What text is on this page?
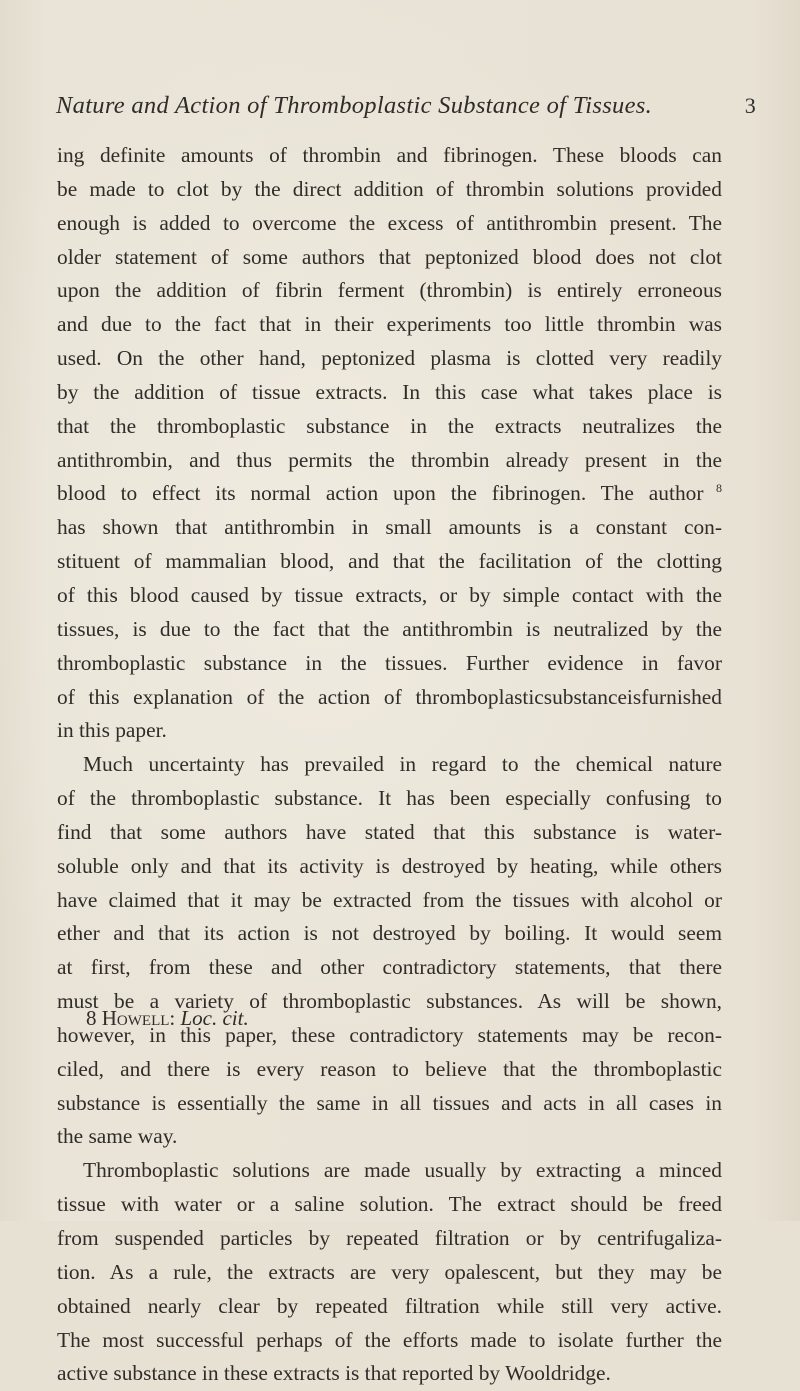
Nature and Action of Thromboplastic Substance of Tissues.	3
ing definite amounts of thrombin and fibrinogen. These bloods can
be made to clot by the direct addition of thrombin solutions provided
enough is added to overcome the excess of antithrombin present. The
older statement of some authors that peptonized blood does not clot
upon the addition of fibrin ferment (thrombin) is entirely erroneous
and due to the fact that in their experiments too little thrombin was
used. On the other hand, peptonized plasma is clotted very readily
by the addition of tissue extracts. In this case what takes place is
that the thromboplastic substance in the extracts neutralizes the
antithrombin, and thus permits the thrombin already present in the
blood to effect its normal action upon the fibrinogen. The author $^8$
has shown that antithrombin in small amounts is a constant con-
stituent of mammalian blood, and that the facilitation of the clotting
of this blood caused by tissue extracts, or by simple contact with the
tissues, is due to the fact that the antithrombin is neutralized by the
thromboplastic substance in the tissues. Further evidence in favor
of this explanation of the action of thromboplasticsubstanceisfurnished
in this paper.
Much uncertainty has prevailed in regard to the chemical nature
of the thromboplastic substance. It has been especially confusing to
find that some authors have stated that this substance is water-
soluble only and that its activity is destroyed by heating, while others
have claimed that it may be extracted from the tissues with alcohol or
ether and that its action is not destroyed by boiling. It would seem
at first, from these and other contradictory statements, that there
must be a variety of thromboplastic substances. As will be shown,
however, in this paper, these contradictory statements may be recon-
ciled, and there is every reason to believe that the thromboplastic
substance is essentially the same in all tissues and acts in all cases in
the same way.
Thromboplastic solutions are made usually by extracting a minced
tissue with water or a saline solution. The extract should be freed
from suspended particles by repeated filtration or by centrifugaliza-
tion. As a rule, the extracts are very opalescent, but they may be
obtained nearly clear by repeated filtration while still very active.
The most successful perhaps of the efforts made to isolate further the
active substance in these extracts is that reported by Wooldridge.
8 Howell: Loc. cit.
